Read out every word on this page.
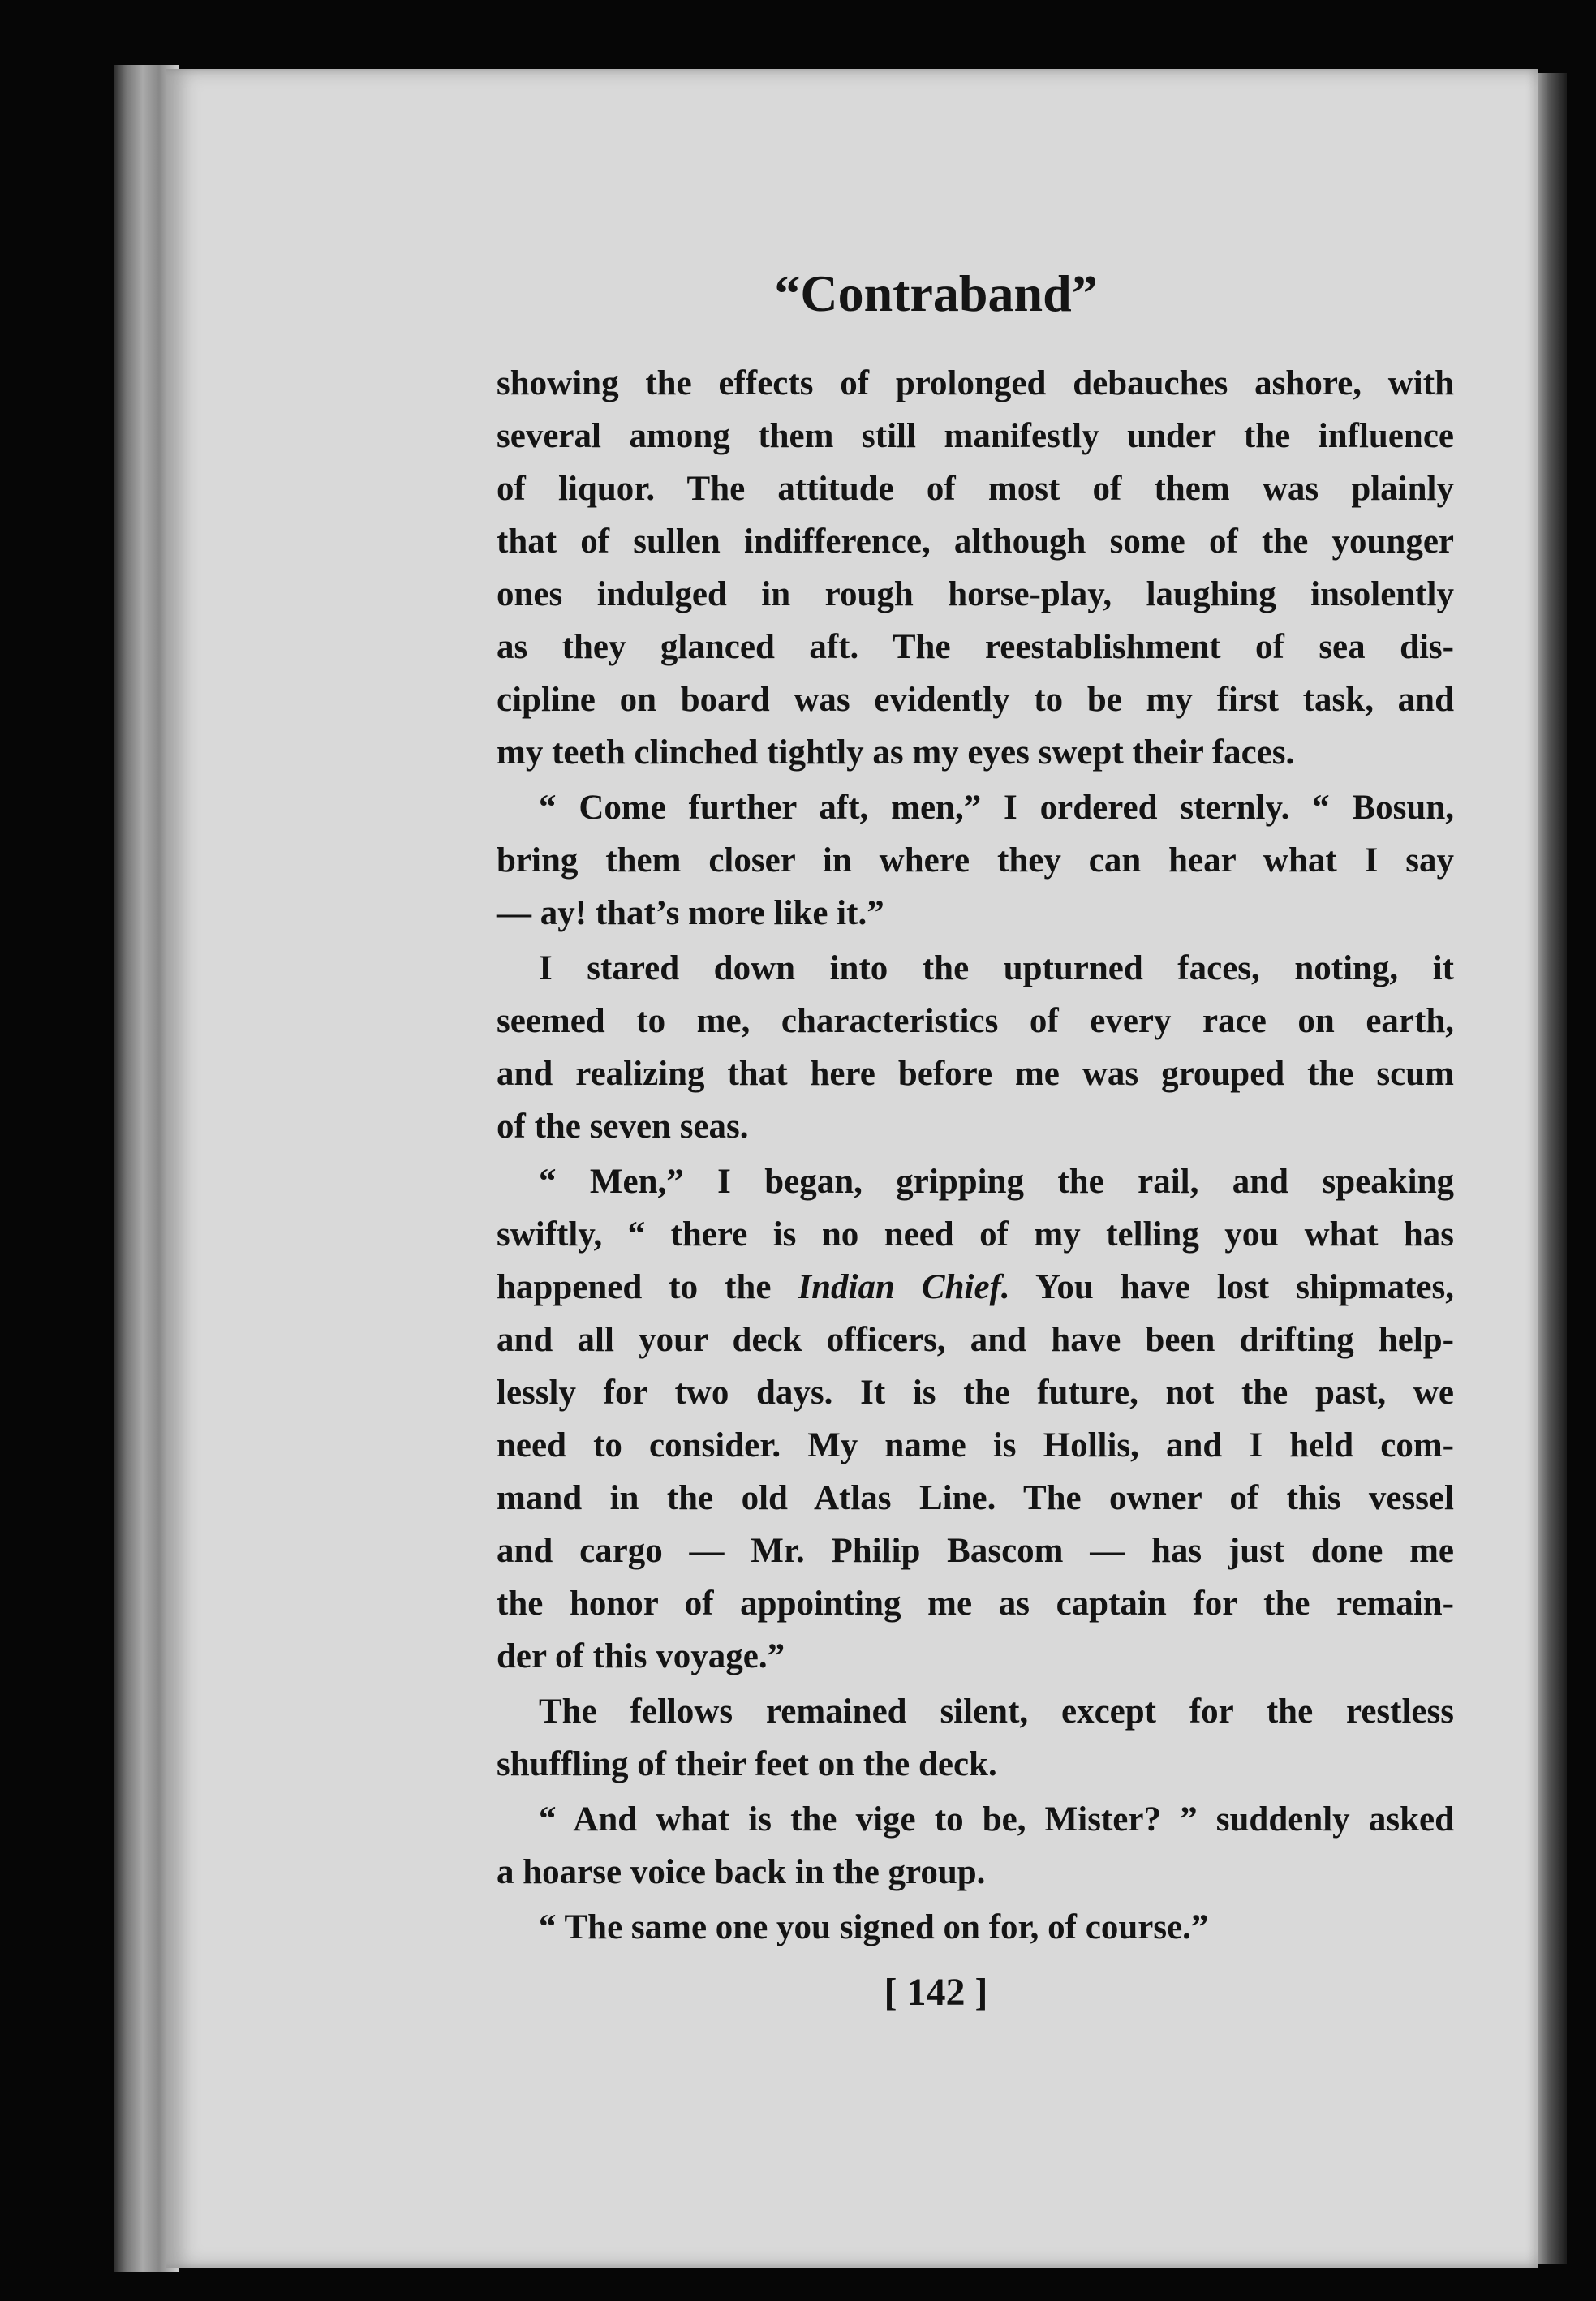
“Contraband”
showing the effects of prolonged debauches ashore, with
several among them still manifestly under the influence
of liquor. The attitude of most of them was plainly
that of sullen indifference, although some of the younger
ones indulged in rough horse-play, laughing insolently
as they glanced aft. The reestablishment of sea dis-
cipline on board was evidently to be my first task, and
my teeth clinched tightly as my eyes swept their faces.
“ Come further aft, men,” I ordered sternly. “ Bosun,
bring them closer in where they can hear what I say
— ay! that’s more like it.”
I stared down into the upturned faces, noting, it
seemed to me, characteristics of every race on earth,
and realizing that here before me was grouped the scum
of the seven seas.
“ Men,” I began, gripping the rail, and speaking
swiftly, “ there is no need of my telling you what has
happened to the Indian Chief. You have lost shipmates,
and all your deck officers, and have been drifting help-
lessly for two days. It is the future, not the past, we
need to consider. My name is Hollis, and I held com-
mand in the old Atlas Line. The owner of this vessel
and cargo — Mr. Philip Bascom — has just done me
the honor of appointing me as captain for the remain-
der of this voyage.”
The fellows remained silent, except for the restless
shuffling of their feet on the deck.
“ And what is the vige to be, Mister? ” suddenly asked
a hoarse voice back in the group.
“ The same one you signed on for, of course.”
[ 142 ]
